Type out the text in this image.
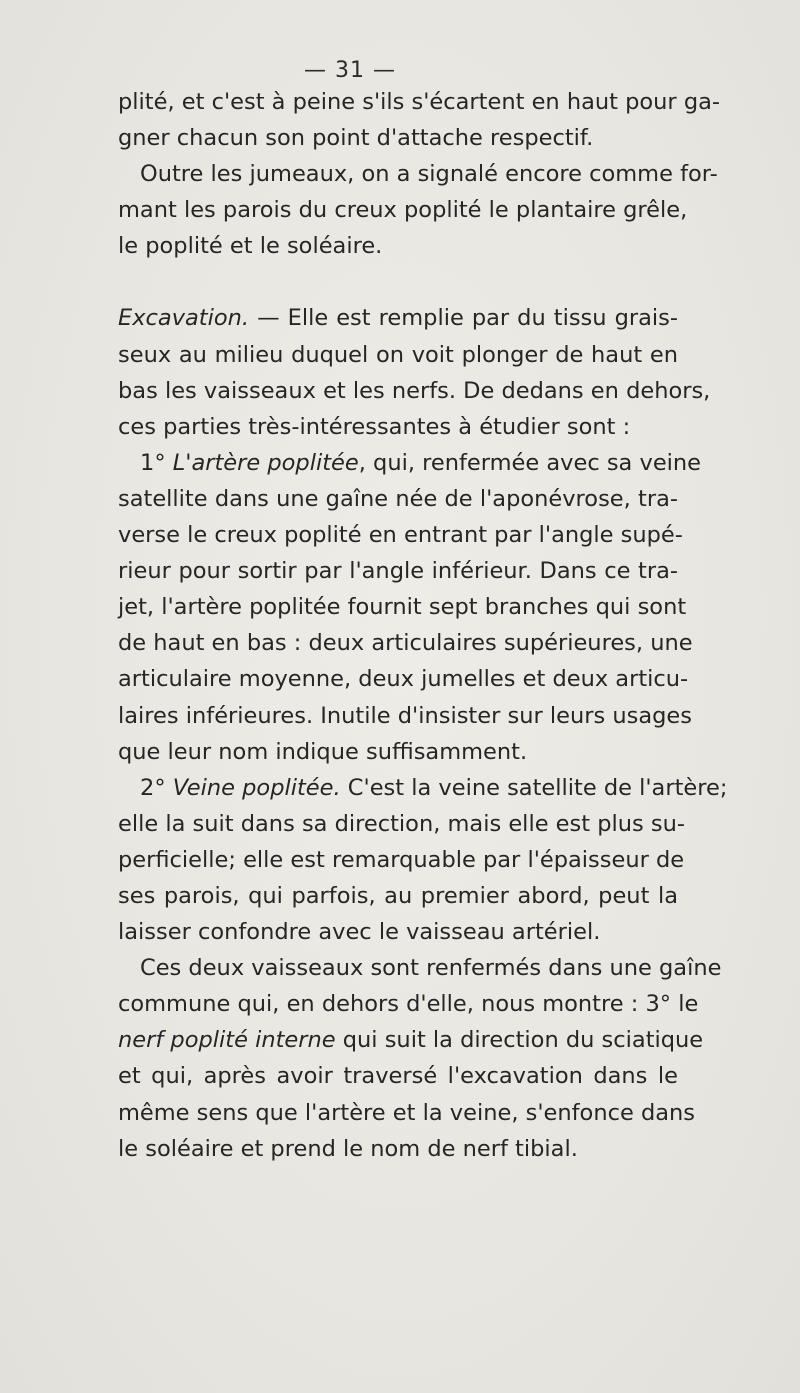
— 31 —
plité, et c'est à peine s'ils s'écartent en haut pour ga-
gner chacun son point d'attache respectif.
Outre les jumeaux, on a signalé encore comme for-
mant les parois du creux poplité le plantaire grêle,
le poplité et le soléaire.
Excavation. — Elle est remplie par du tissu grais-
seux au milieu duquel on voit plonger de haut en
bas les vaisseaux et les nerfs. De dedans en dehors,
ces parties très-intéressantes à étudier sont :
1° L'artère poplitée, qui, renfermée avec sa veine
satellite dans une gaîne née de l'aponévrose, tra-
verse le creux poplité en entrant par l'angle supé-
rieur pour sortir par l'angle inférieur. Dans ce tra-
jet, l'artère poplitée fournit sept branches qui sont
de haut en bas : deux articulaires supérieures, une
articulaire moyenne, deux jumelles et deux articu-
laires inférieures. Inutile d'insister sur leurs usages
que leur nom indique suffisamment.
2° Veine poplitée. C'est la veine satellite de l'artère;
elle la suit dans sa direction, mais elle est plus su-
perficielle; elle est remarquable par l'épaisseur de
ses parois, qui parfois, au premier abord, peut la
laisser confondre avec le vaisseau artériel.
Ces deux vaisseaux sont renfermés dans une gaîne
commune qui, en dehors d'elle, nous montre : 3° le
nerf poplité interne qui suit la direction du sciatique
et qui, après avoir traversé l'excavation dans le
même sens que l'artère et la veine, s'enfonce dans
le soléaire et prend le nom de nerf tibial.
